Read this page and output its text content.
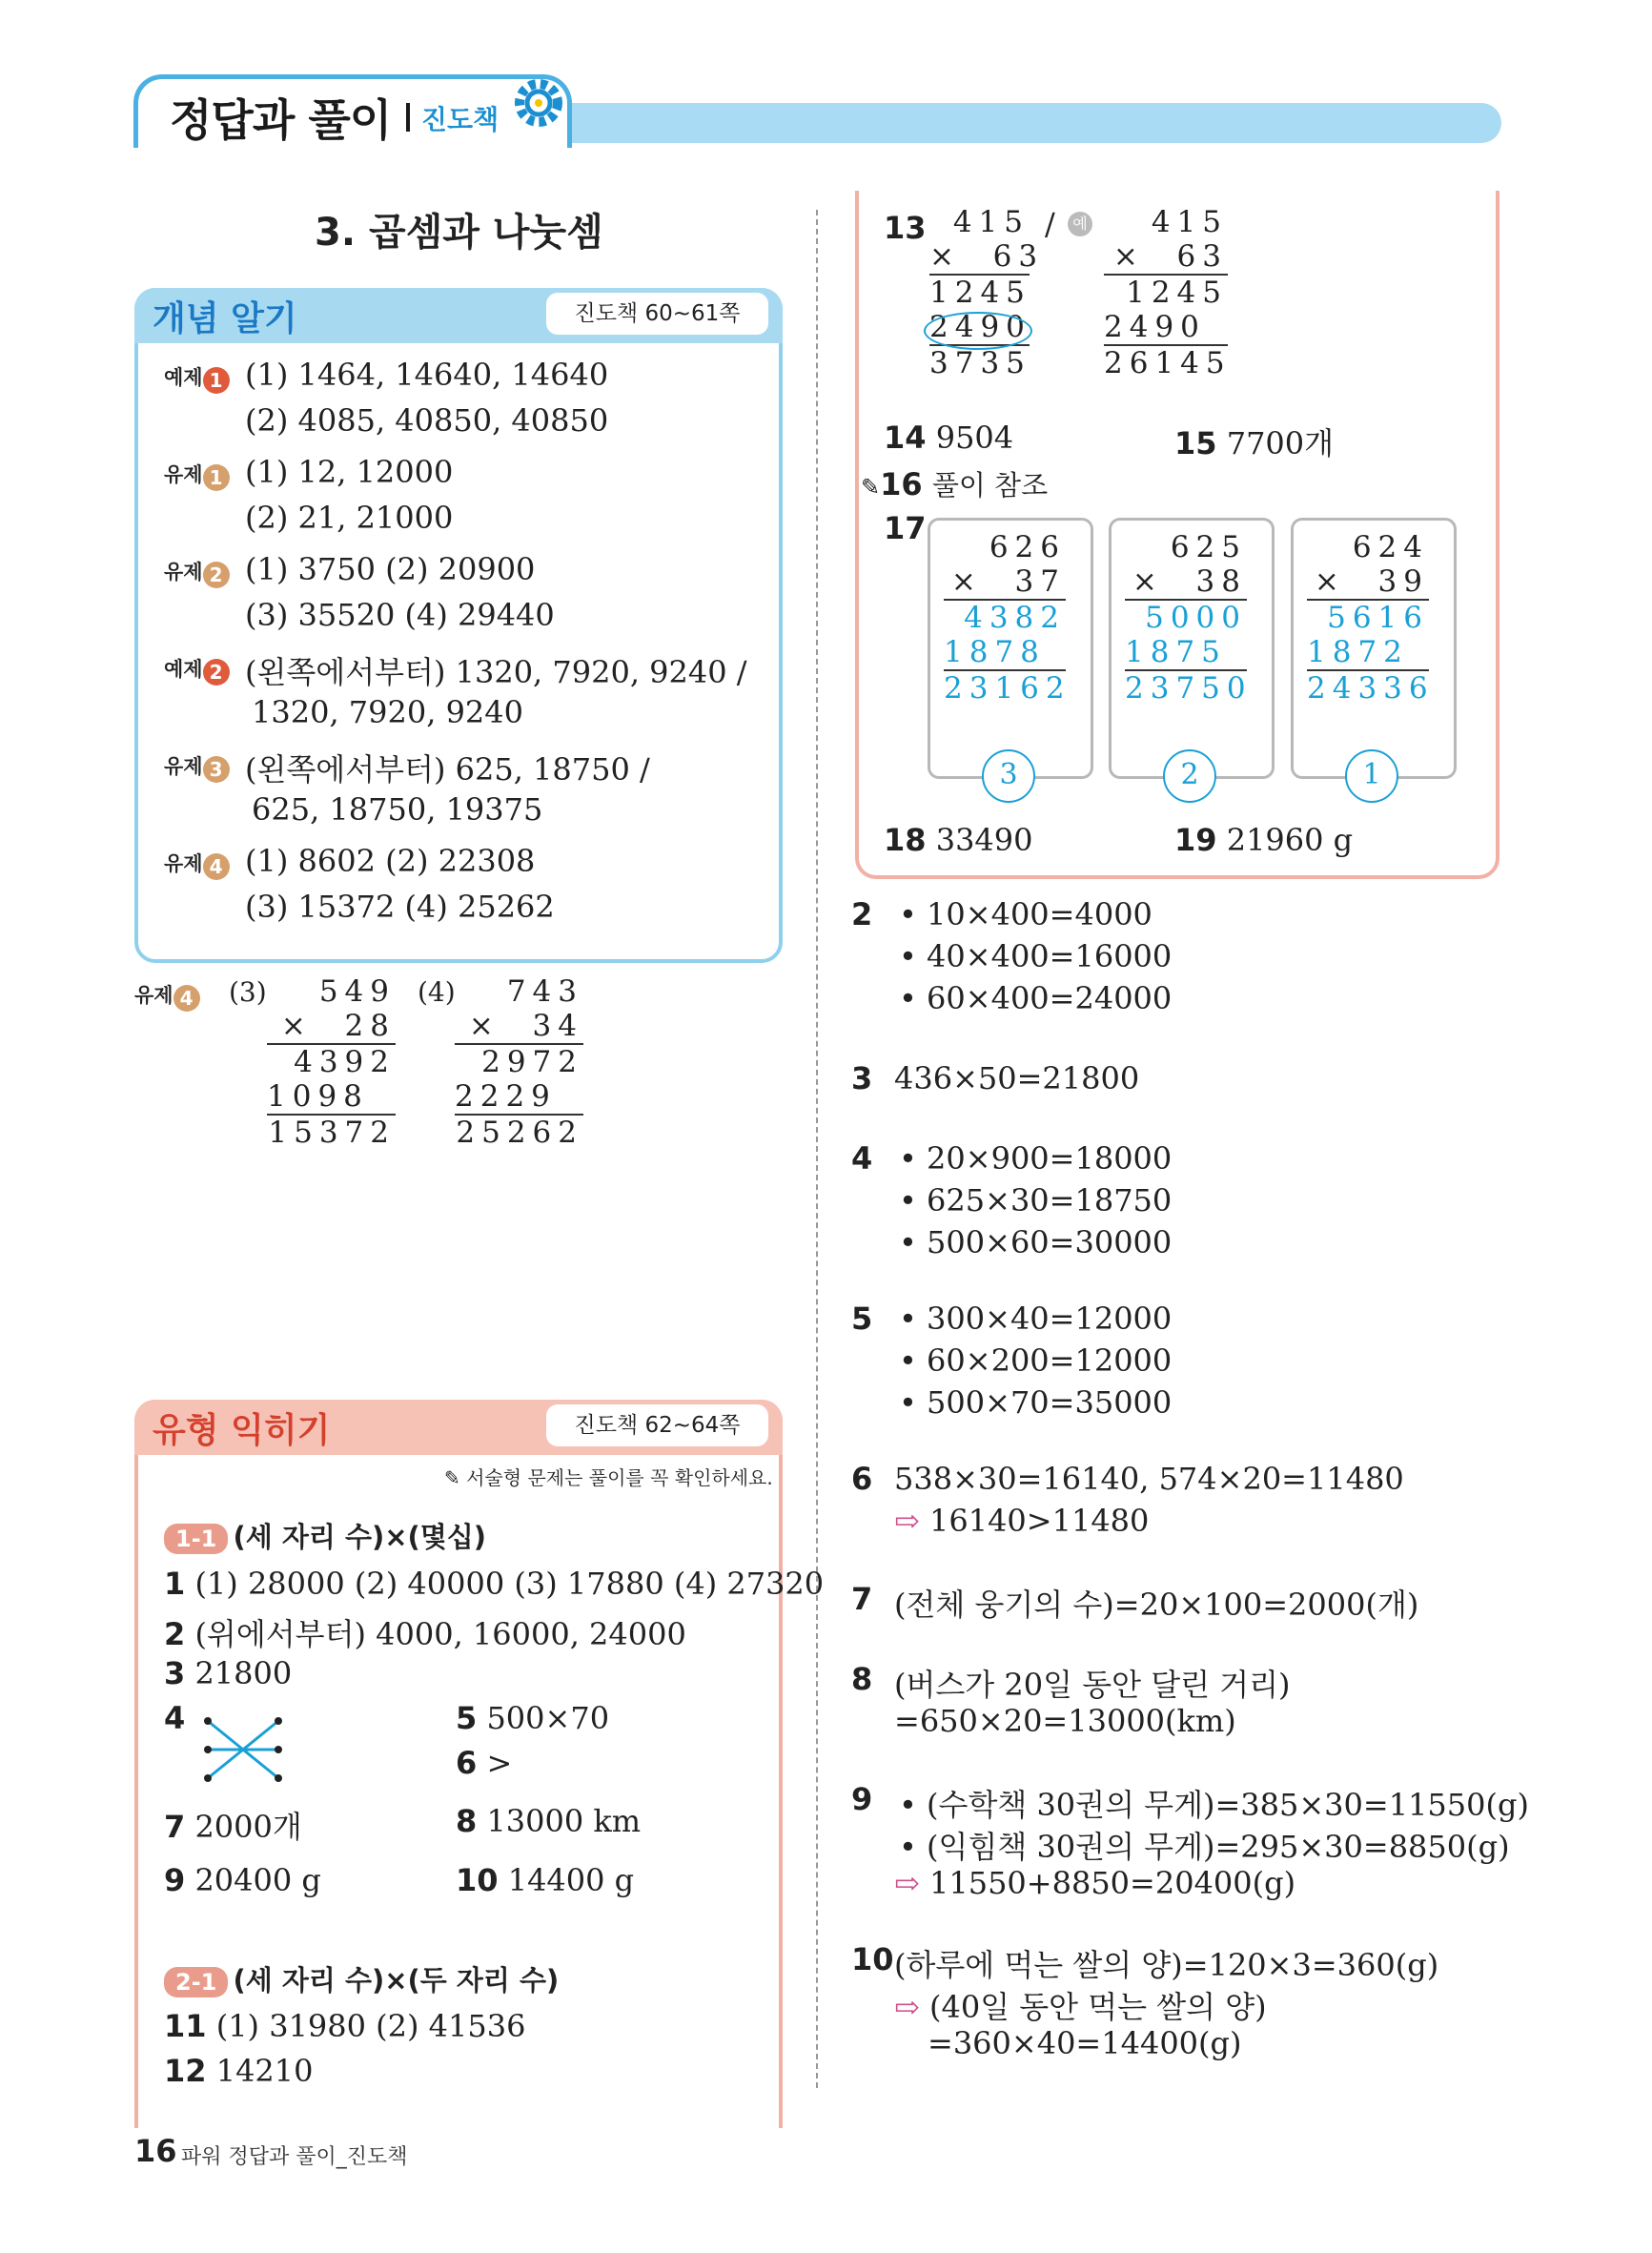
정답과 풀이 진도책
3. 곱셈과 나눗셈
개념 알기	진도책 60~61쪽
예제 1 (1) 1464, 14640, 14640
(2) 4085, 40850, 40850
유제 1 (1) 12, 12000
(2) 21, 21000
유제 2 (1) 3750 (2) 20900
(3) 35520 (4) 29440
예제 2 (왼쪽에서부터) 1320, 7920, 9240 /
1320, 7920, 9240
유제 3 (왼쪽에서부터) 625, 18750 /
625, 18750, 19375
유제 4 (1) 8602 (2) 22308
(3) 15372 (4) 25262
유제 4 (3)	(4)
549
×  28
4392
1098
15372
743
×  34
2972
2229
25262
유형 익히기	진도책 62~64쪽
✎ 서술형 문제는 풀이를 꼭 확인하세요.
1-1 (세 자리 수)×(몇십)
1 (1) 28000 (2) 40000 (3) 17880 (4) 27320
2 (위에서부터) 4000, 16000, 24000
3 21800
4	5 500×70
6 >
7 2000개	8 13000 km
9 20400 g	10 14400 g
2-1 (세 자리 수)×(두 자리 수)
11 (1) 31980 (2) 41536
12 14210
13 415
×  63
1245
2490
3735
/	예	415
×  63
1245
2490
26145
14 9504	15 7700개
✎16 풀이 참조
17
626
×  37
4382
1878
23162
625
×  38
5000
1875
23750
624
×  39
5616
1872
24336
3	2	1
18 33490	19 21960 g
2 • 10×400=4000
• 40×400=16000
• 60×400=24000
3 436×50=21800
4 • 20×900=18000
• 625×30=18750
• 500×60=30000
5 • 300×40=12000
• 60×200=12000
• 500×70=35000
6 538×30=16140, 574×20=11480
⇨ 16140>11480
7 (전체 웅기의 수)=20×100=2000(개)
8 (버스가 20일 동안 달린 거리)
=650×20=13000(km)
9 • (수학책 30권의 무게)=385×30=11550(g)
• (익힘책 30권의 무게)=295×30=8850(g)
⇨ 11550+8850=20400(g)
10 (하루에 먹는 쌀의 양)=120×3=360(g)
⇨ (40일 동안 먹는 쌀의 양)
=360×40=14400(g)
16 파워 정답과 풀이_진도책
